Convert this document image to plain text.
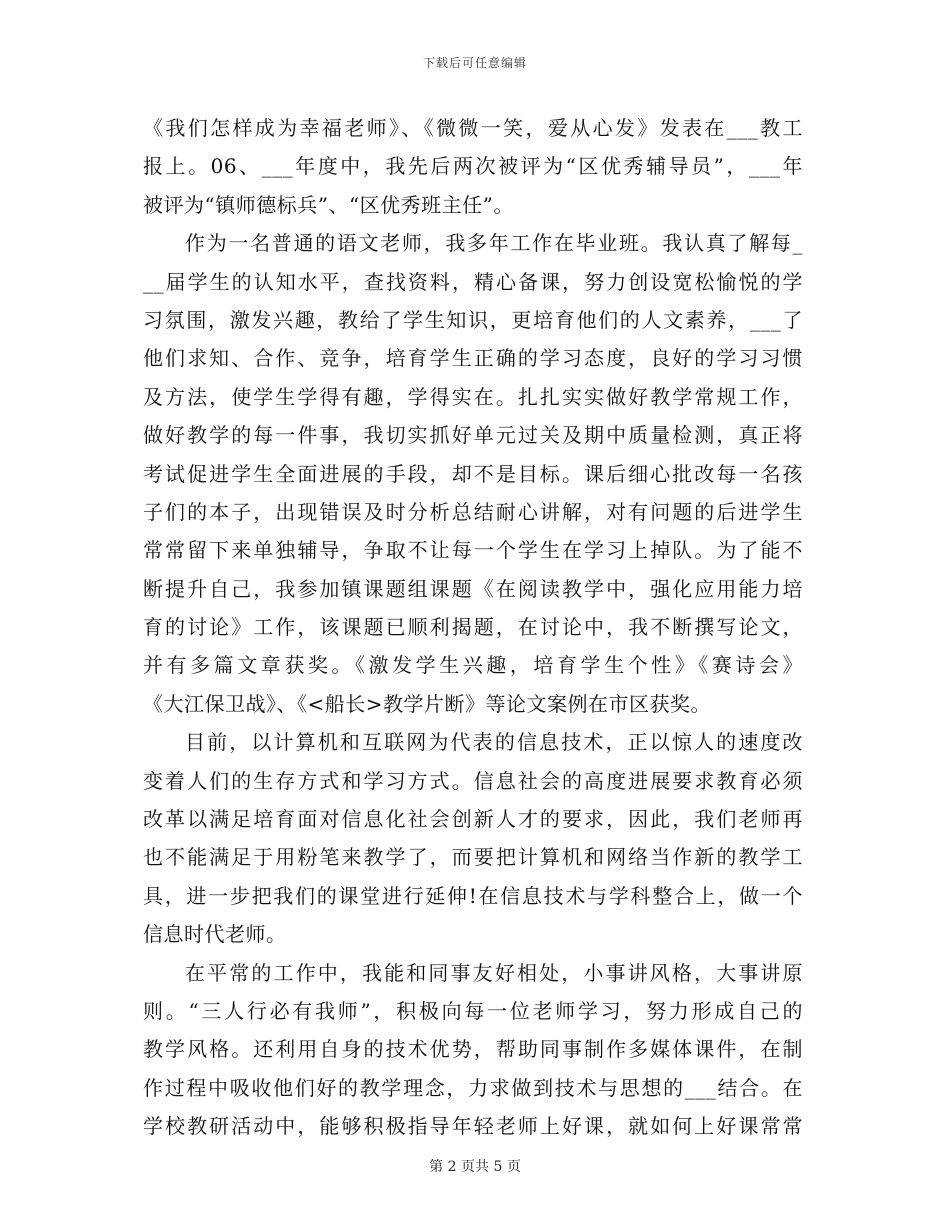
下载后可任意编辑
《我们怎样成为幸福老师》、《微微一笑，爱从心发》发表在___教工
报上。06、___年度中，我先后两次被评为“区优秀辅导员”，___年
被评为“镇师德标兵”、“区优秀班主任”。
作为一名普通的语文老师，我多年工作在毕业班。我认真了解每_
__届学生的认知水平，查找资料，精心备课，努力创设宽松愉悦的学
习氛围，激发兴趣，教给了学生知识，更培育他们的人文素养，___了
他们求知、合作、竞争，培育学生正确的学习态度，良好的学习习惯
及方法，使学生学得有趣，学得实在。扎扎实实做好教学常规工作，
做好教学的每一件事，我切实抓好单元过关及期中质量检测，真正将
考试促进学生全面进展的手段，却不是目标。课后细心批改每一名孩
子们的本子，出现错误及时分析总结耐心讲解，对有问题的后进学生
常常留下来单独辅导，争取不让每一个学生在学习上掉队。为了能不
断提升自己，我参加镇课题组课题《在阅读教学中，强化应用能力培
育的讨论》工作，该课题已顺利揭题，在讨论中，我不断撰写论文，
并有多篇文章获奖。《激发学生兴趣，培育学生个性》《赛诗会》
《大江保卫战》、《<船长>教学片断》等论文案例在市区获奖。
目前，以计算机和互联网为代表的信息技术，正以惊人的速度改
变着人们的生存方式和学习方式。信息社会的高度进展要求教育必须
改革以满足培育面对信息化社会创新人才的要求，因此，我们老师再
也不能满足于用粉笔来教学了，而要把计算机和网络当作新的教学工
具，进一步把我们的课堂进行延伸!在信息技术与学科整合上，做一个
信息时代老师。
在平常的工作中，我能和同事友好相处，小事讲风格，大事讲原
则。“三人行必有我师”，积极向每一位老师学习，努力形成自己的
教学风格。还利用自身的技术优势，帮助同事制作多媒体课件，在制
作过程中吸收他们好的教学理念，力求做到技术与思想的___结合。在
学校教研活动中，能够积极指导年轻老师上好课，就如何上好课常常
第 2 页共 5 页
